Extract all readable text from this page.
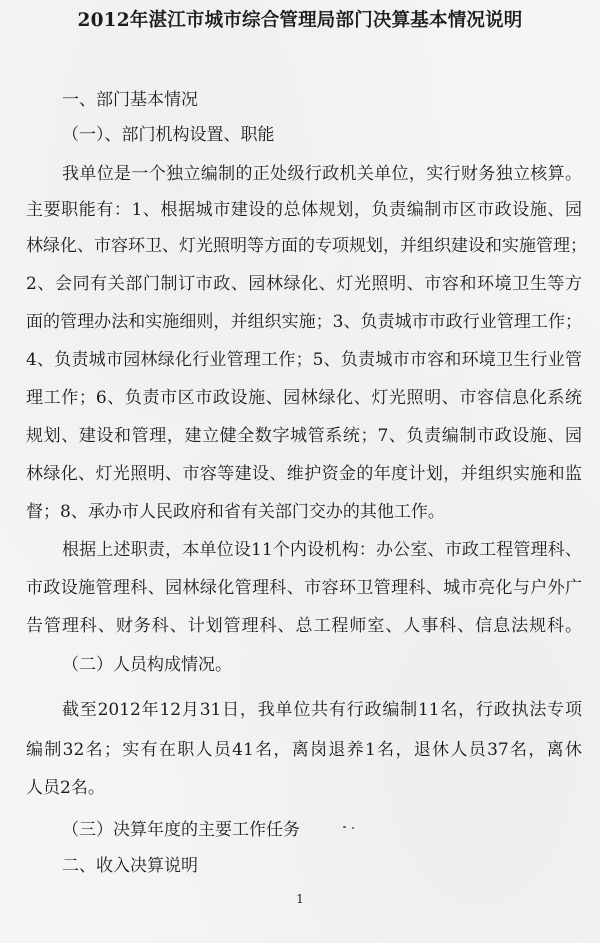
2012年湛江市城市综合管理局部门决算基本情况说明
一、部门基本情况
（一）、部门机构设置、职能
我单位是一个独立编制的正处级行政机关单位，实行财务独立核算。
主要职能有：1、根据城市建设的总体规划，负责编制市区市政设施、园
林绿化、市容环卫、灯光照明等方面的专项规划，并组织建设和实施管理；
2、会同有关部门制订市政、园林绿化、灯光照明、市容和环境卫生等方
面的管理办法和实施细则，并组织实施；3、负责城市市政行业管理工作；
4、负责城市园林绿化行业管理工作；5、负责城市市容和环境卫生行业管
理工作；6、负责市区市政设施、园林绿化、灯光照明、市容信息化系统
规划、建设和管理，建立健全数字城管系统；7、负责编制市政设施、园
林绿化、灯光照明、市容等建设、维护资金的年度计划，并组织实施和监
督；8、承办市人民政府和省有关部门交办的其他工作。
根据上述职责，本单位设11个内设机构：办公室、市政工程管理科、
市政设施管理科、园林绿化管理科、市容环卫管理科、城市亮化与户外广
告管理科、财务科、计划管理科、总工程师室、人事科、信息法规科。
（二）人员构成情况。
截至2012年12月31日，我单位共有行政编制11名，行政执法专项
编制32名；实有在职人员41名，离岗退养1名，退休人员37名，离休
人员2名。
（三）决算年度的主要工作任务
二、收入决算说明
1
